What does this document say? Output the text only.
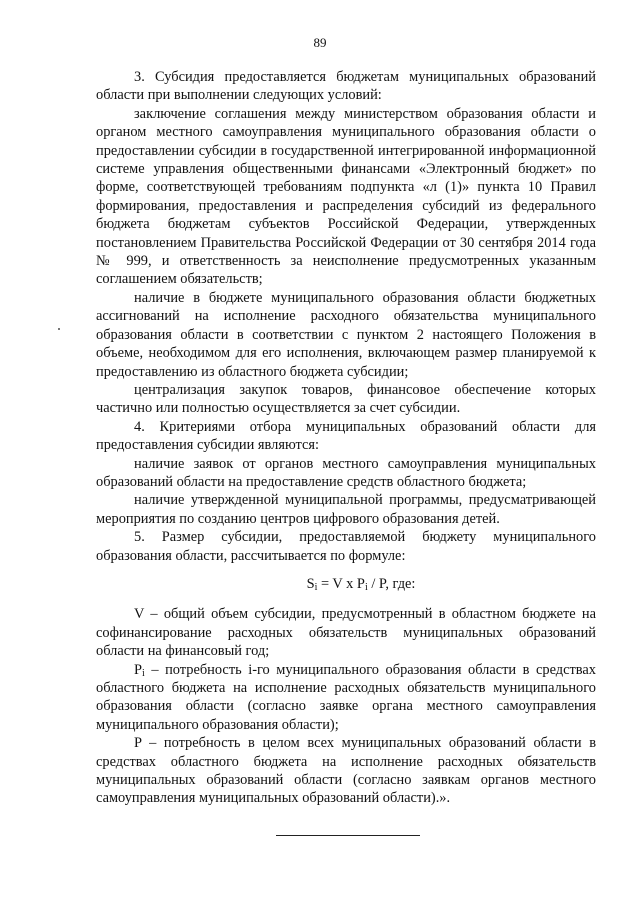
89

3. Субсидия предоставляется бюджетам муниципальных образований области при выполнении следующих условий:

заключение соглашения между министерством образования области и органом местного самоуправления муниципального образования области о предоставлении субсидии в государственной интегрированной информационной системе управления общественными финансами «Электронный бюджет» по форме, соответствующей требованиям подпункта «л (1)» пункта 10 Правил формирования, предоставления и распределения субсидий из федерального бюджета бюджетам субъектов Российской Федерации, утвержденных постановлением Правительства Российской Федерации от 30 сентября 2014 года № 999, и ответственность за неисполнение предусмотренных указанным соглашением обязательств;

наличие в бюджете муниципального образования области бюджетных ассигнований на исполнение расходного обязательства муниципального образования области в соответствии с пунктом 2 настоящего Положения в объеме, необходимом для его исполнения, включающем размер планируемой к предоставлению из областного бюджета субсидии;

централизация закупок товаров, финансовое обеспечение которых частично или полностью осуществляется за счет субсидии.

4. Критериями отбора муниципальных образований области для предоставления субсидии являются:

наличие заявок от органов местного самоуправления муниципальных образований области на предоставление средств областного бюджета;

наличие утвержденной муниципальной программы, предусматривающей мероприятия по созданию центров цифрового образования детей.

5. Размер субсидии, предоставляемой бюджету муниципального образования области, рассчитывается по формуле:

$S_i = V$ x $P_i$ / P, где:

V – общий объем субсидии, предусмотренный в областном бюджете на софинансирование расходных обязательств муниципальных образований области на финансовый год;

$P_i$ – потребность i-го муниципального образования области в средствах областного бюджета на исполнение расходных обязательств муниципального образования области (согласно заявке органа местного самоуправления муниципального образования области);

P – потребность в целом всех муниципальных образований области в средствах областного бюджета на исполнение расходных обязательств муниципальных образований области (согласно заявкам органов местного самоуправления муниципальных образований области).».
